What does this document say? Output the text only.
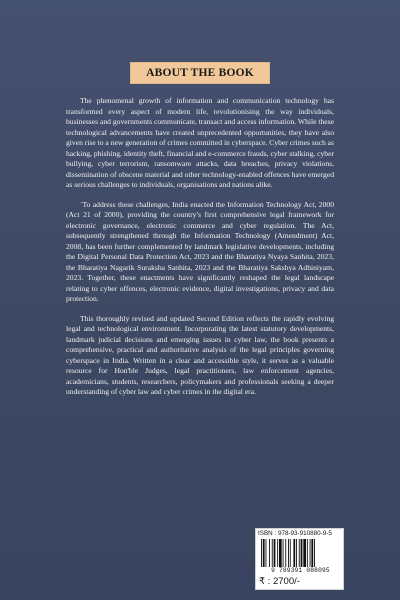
ABOUT THE BOOK

The phenomenal growth of information and communication technology has transformed every aspect of modern life, revolutionising the way individuals, businesses and governments communicate, transact and access information. While these technological advancements have created unprecedented opportunities, they have also given rise to a new generation of crimes committed in cyberspace. Cyber crimes such as hacking, phishing, identity theft, financial and e-commerce frauds, cyber stalking, cyber bullying, cyber terrorism, ransomware attacks, data breaches, privacy violations, dissemination of obscene material and other technology-enabled offences have emerged as serious challenges to individuals, organisations and nations alike.

`To address these challenges, India enacted the Information Technology Act, 2000 (Act 21 of 2000), providing the country's first comprehensive legal framework for electronic governance, electronic commerce and cyber regulation. The Act, subsequently strengthened through the Information Technology (Amendment) Act, 2008, has been further complemented by landmark legislative developments, including the Digital Personal Data Protection Act, 2023 and the Bharatiya Nyaya Sanhita, 2023, the Bharatiya Nagarik Suraksha Sanhita, 2023 and the Bharatiya Sakshya Adhiniyam, 2023. Together, these enactments have significantly reshaped the legal landscape relating to cyber offences, electronic evidence, digital investigations, privacy and data protection.

This thoroughly revised and updated Second Edition reflects the rapidly evolving legal and technological environment. Incorporating the latest statutory developments, landmark judicial decisions and emerging issues in cyber law, the book presents a comprehensive, practical and authoritative analysis of the legal principles governing cyberspace in India. Written in a clear and accessible style, it serves as a valuable resource for Hon'ble Judges, legal practitioners, law enforcement agencies, academicians, students, researchers, policymakers and professionals seeking a deeper understanding of cyber law and cyber crimes in the digital era.

ISBN : 978-93-910880-9-5
9 789391 088095
₹ : 2700/-
